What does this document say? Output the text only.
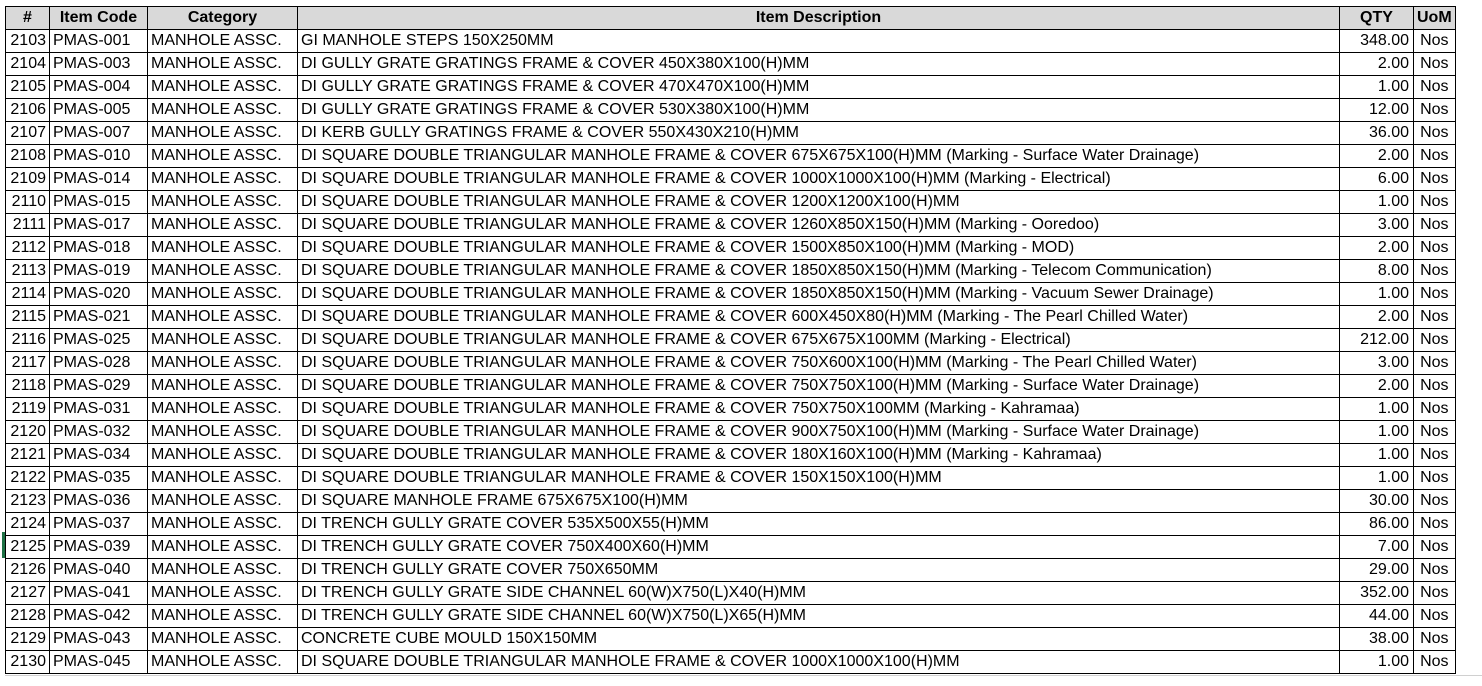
#	Item Code	Category	Item Description	QTY	UoM
2103	PMAS-001	MANHOLE ASSC.	GI MANHOLE STEPS 150X250MM	348.00	Nos
2104	PMAS-003	MANHOLE ASSC.	DI GULLY GRATE GRATINGS FRAME & COVER 450X380X100(H)MM	2.00	Nos
2105	PMAS-004	MANHOLE ASSC.	DI GULLY GRATE GRATINGS FRAME & COVER 470X470X100(H)MM	1.00	Nos
2106	PMAS-005	MANHOLE ASSC.	DI GULLY GRATE GRATINGS FRAME & COVER 530X380X100(H)MM	12.00	Nos
2107	PMAS-007	MANHOLE ASSC.	DI KERB GULLY GRATINGS FRAME & COVER 550X430X210(H)MM	36.00	Nos
2108	PMAS-010	MANHOLE ASSC.	DI SQUARE DOUBLE TRIANGULAR MANHOLE FRAME & COVER 675X675X100(H)MM (Marking - Surface Water Drainage)	2.00	Nos
2109	PMAS-014	MANHOLE ASSC.	DI SQUARE DOUBLE TRIANGULAR MANHOLE FRAME & COVER 1000X1000X100(H)MM (Marking - Electrical)	6.00	Nos
2110	PMAS-015	MANHOLE ASSC.	DI SQUARE DOUBLE TRIANGULAR MANHOLE FRAME & COVER 1200X1200X100(H)MM	1.00	Nos
2111	PMAS-017	MANHOLE ASSC.	DI SQUARE DOUBLE TRIANGULAR MANHOLE FRAME & COVER 1260X850X150(H)MM (Marking - Ooredoo)	3.00	Nos
2112	PMAS-018	MANHOLE ASSC.	DI SQUARE DOUBLE TRIANGULAR MANHOLE FRAME & COVER 1500X850X100(H)MM (Marking - MOD)	2.00	Nos
2113	PMAS-019	MANHOLE ASSC.	DI SQUARE DOUBLE TRIANGULAR MANHOLE FRAME & COVER 1850X850X150(H)MM (Marking - Telecom Communication)	8.00	Nos
2114	PMAS-020	MANHOLE ASSC.	DI SQUARE DOUBLE TRIANGULAR MANHOLE FRAME & COVER 1850X850X150(H)MM (Marking - Vacuum Sewer Drainage)	1.00	Nos
2115	PMAS-021	MANHOLE ASSC.	DI SQUARE DOUBLE TRIANGULAR MANHOLE FRAME & COVER 600X450X80(H)MM (Marking - The Pearl Chilled Water)	2.00	Nos
2116	PMAS-025	MANHOLE ASSC.	DI SQUARE DOUBLE TRIANGULAR MANHOLE FRAME & COVER 675X675X100MM (Marking - Electrical)	212.00	Nos
2117	PMAS-028	MANHOLE ASSC.	DI SQUARE DOUBLE TRIANGULAR MANHOLE FRAME & COVER 750X600X100(H)MM (Marking - The Pearl Chilled Water)	3.00	Nos
2118	PMAS-029	MANHOLE ASSC.	DI SQUARE DOUBLE TRIANGULAR MANHOLE FRAME & COVER 750X750X100(H)MM (Marking - Surface Water Drainage)	2.00	Nos
2119	PMAS-031	MANHOLE ASSC.	DI SQUARE DOUBLE TRIANGULAR MANHOLE FRAME & COVER 750X750X100MM (Marking - Kahramaa)	1.00	Nos
2120	PMAS-032	MANHOLE ASSC.	DI SQUARE DOUBLE TRIANGULAR MANHOLE FRAME & COVER 900X750X100(H)MM (Marking - Surface Water Drainage)	1.00	Nos
2121	PMAS-034	MANHOLE ASSC.	DI SQUARE DOUBLE TRIANGULAR MANHOLE FRAME & COVER 180X160X100(H)MM (Marking - Kahramaa)	1.00	Nos
2122	PMAS-035	MANHOLE ASSC.	DI SQUARE DOUBLE TRIANGULAR MANHOLE FRAME & COVER 150X150X100(H)MM	1.00	Nos
2123	PMAS-036	MANHOLE ASSC.	DI SQUARE MANHOLE FRAME 675X675X100(H)MM	30.00	Nos
2124	PMAS-037	MANHOLE ASSC.	DI TRENCH GULLY GRATE COVER 535X500X55(H)MM	86.00	Nos
2125	PMAS-039	MANHOLE ASSC.	DI TRENCH GULLY GRATE COVER 750X400X60(H)MM	7.00	Nos
2126	PMAS-040	MANHOLE ASSC.	DI TRENCH GULLY GRATE COVER 750X650MM	29.00	Nos
2127	PMAS-041	MANHOLE ASSC.	DI TRENCH GULLY GRATE SIDE CHANNEL 60(W)X750(L)X40(H)MM	352.00	Nos
2128	PMAS-042	MANHOLE ASSC.	DI TRENCH GULLY GRATE SIDE CHANNEL 60(W)X750(L)X65(H)MM	44.00	Nos
2129	PMAS-043	MANHOLE ASSC.	CONCRETE CUBE MOULD 150X150MM	38.00	Nos
2130	PMAS-045	MANHOLE ASSC.	DI SQUARE DOUBLE TRIANGULAR MANHOLE FRAME & COVER 1000X1000X100(H)MM	1.00	Nos
